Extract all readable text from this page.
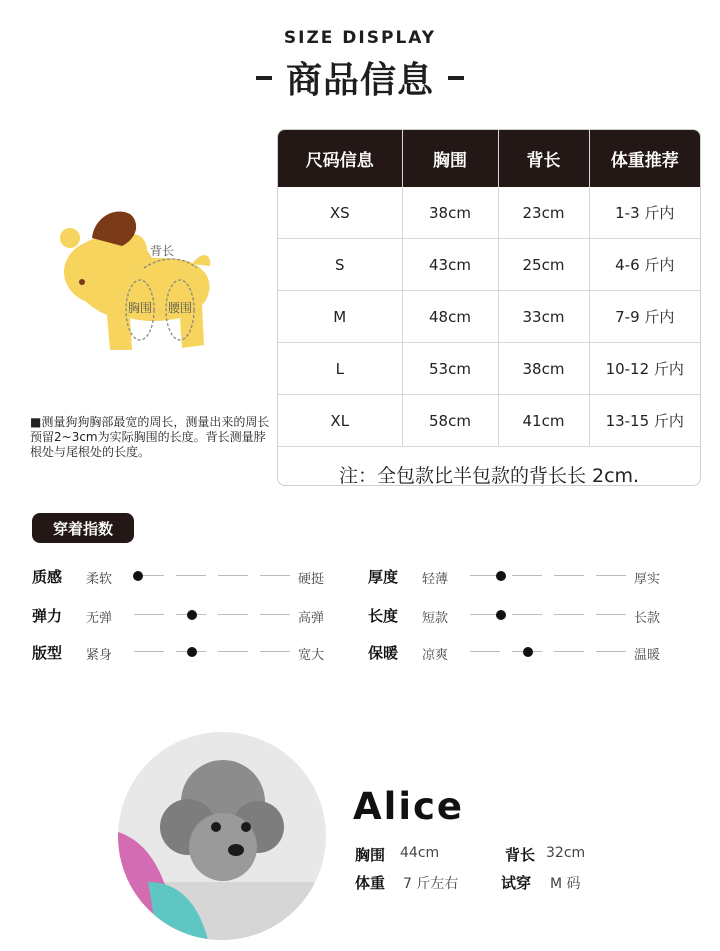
SIZE DISPLAY
商品信息
背长
胸围 腰围
■测量狗狗胸部最宽的周长，测量出来的周长预留2~3cm为实际胸围的长度。背长测量脖根处与尾根处的长度。
尺码信息	胸围	背长	体重推荐
XS	38cm	23cm	1-3 斤内
S	43cm	25cm	4-6 斤内
M	48cm	33cm	7-9 斤内
L	53cm	38cm	10-12 斤内
XL	58cm	41cm	13-15 斤内
注：全包款比半包款的背长长 2cm.			
穿着指数
质感 柔软	硬挺
弹力 无弹	高弹
版型 紧身	宽大
厚度 轻薄	厚实
长度 短款	长款
保暖 凉爽	温暖
Alice
胸围 44cm	背长 32cm
体重 7 斤左右	试穿 M 码
